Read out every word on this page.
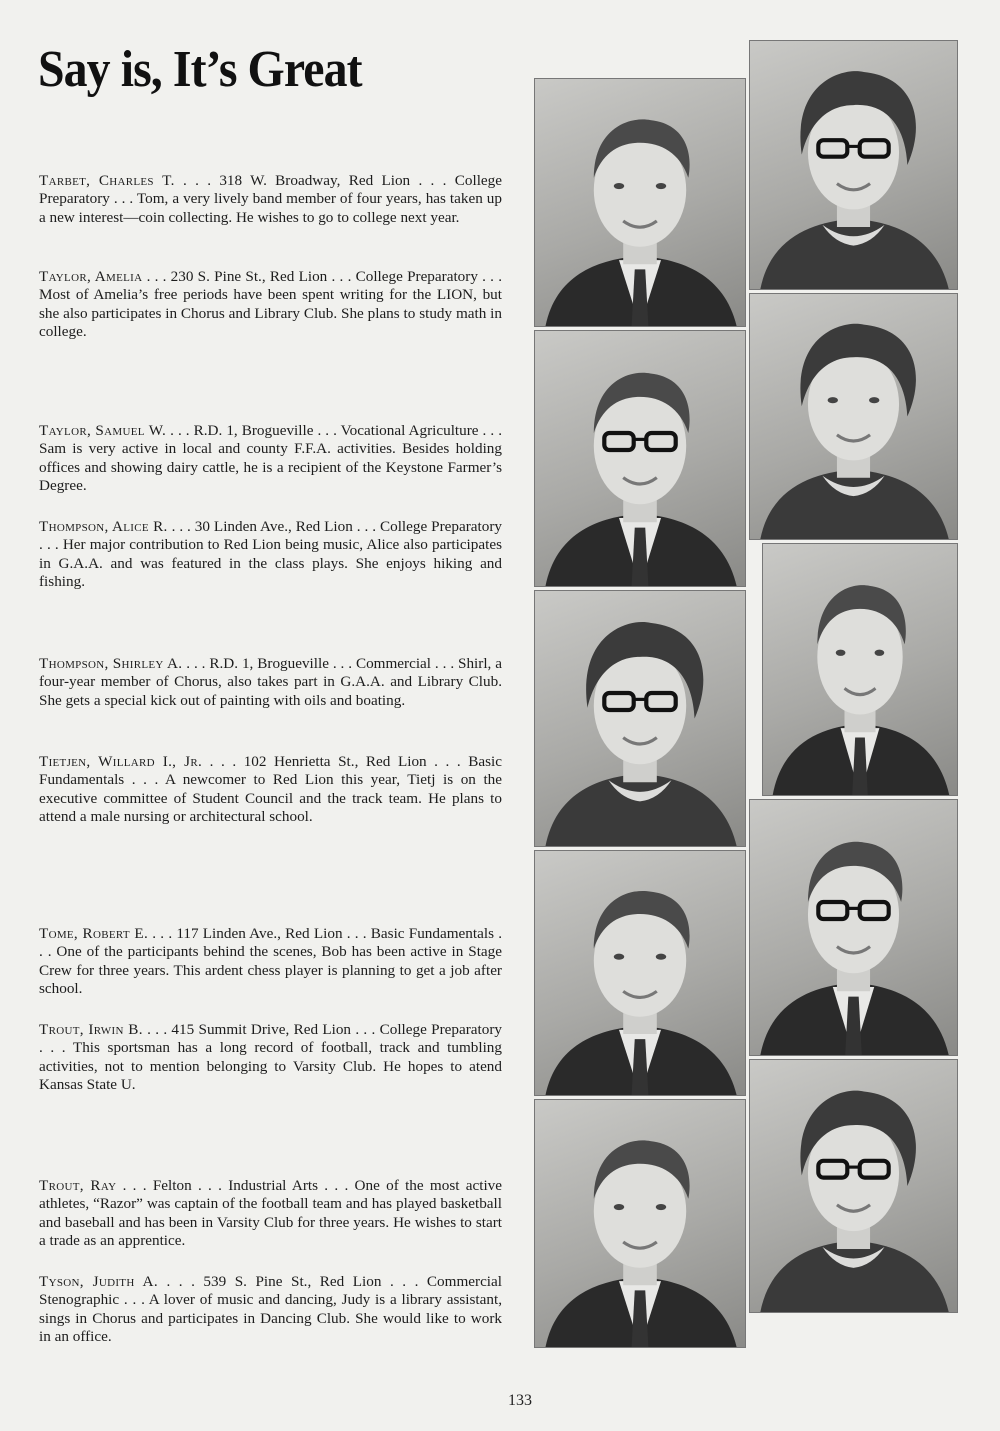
Say is, It’s Great
Tarbet, Charles T. . . . 318 W. Broadway, Red Lion . . . College Preparatory . . . Tom, a very lively band member of four years, has taken up a new interest—coin collecting. He wishes to go to college next year.
Taylor, Amelia . . . 230 S. Pine St., Red Lion . . . College Preparatory . . . Most of Amelia’s free periods have been spent writing for the LION, but she also participates in Chorus and Library Club. She plans to study math in college.
Taylor, Samuel W. . . . R.D. 1, Brogueville . . . Vocational Agriculture . . . Sam is very active in local and county F.F.A. activities. Besides holding offices and showing dairy cattle, he is a recipient of the Keystone Farmer’s Degree.
Thompson, Alice R. . . . 30 Linden Ave., Red Lion . . . College Preparatory . . . Her major contribution to Red Lion being music, Alice also participates in G.A.A. and was featured in the class plays. She enjoys hiking and fishing.
Thompson, Shirley A. . . . R.D. 1, Brogueville . . . Commercial . . . Shirl, a four-year member of Chorus, also takes part in G.A.A. and Library Club. She gets a special kick out of painting with oils and boating.
Tietjen, Willard I., Jr. . . . 102 Henrietta St., Red Lion . . . Basic Fundamentals . . . A newcomer to Red Lion this year, Tietj is on the executive committee of Student Council and the track team. He plans to attend a male nursing or architectural school.
Tome, Robert E. . . . 117 Linden Ave., Red Lion . . . Basic Fundamentals . . . One of the participants behind the scenes, Bob has been active in Stage Crew for three years. This ardent chess player is planning to get a job after school.
Trout, Irwin B. . . . 415 Summit Drive, Red Lion . . . College Preparatory . . . This sportsman has a long record of football, track and tumbling activities, not to mention belonging to Varsity Club. He hopes to atend Kansas State U.
Trout, Ray . . . Felton . . . Industrial Arts . . . One of the most active athletes, “Razor” was captain of the football team and has played basketball and baseball and has been in Varsity Club for three years. He wishes to start a trade as an apprentice.
Tyson, Judith A. . . . 539 S. Pine St., Red Lion . . . Commercial Stenographic . . . A lover of music and dancing, Judy is a library assistant, sings in Chorus and participates in Dancing Club. She would like to work in an office.
133
